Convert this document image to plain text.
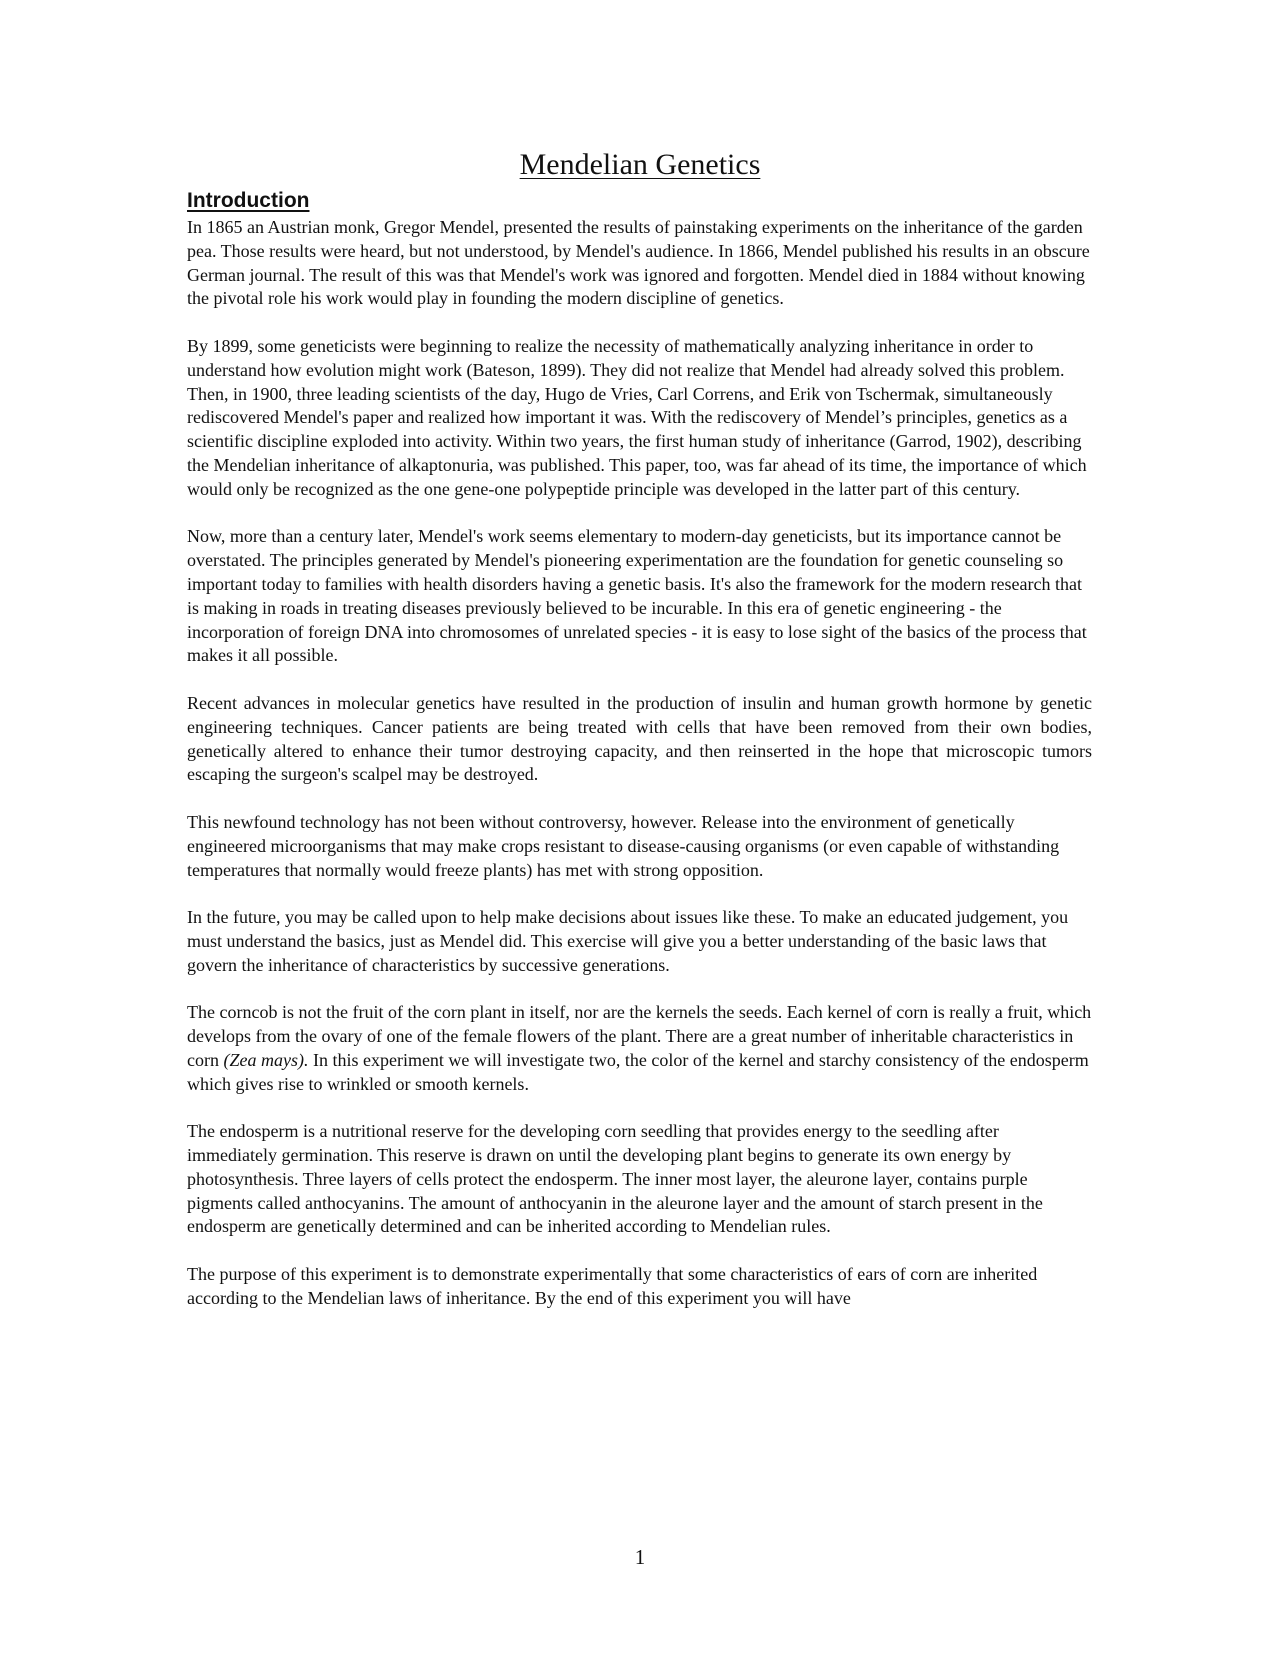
Mendelian Genetics
Introduction

In 1865 an Austrian monk, Gregor Mendel, presented the results of painstaking experiments on the inheritance of the garden pea. Those results were heard, but not understood, by Mendel's audience. In 1866, Mendel published his results in an obscure German journal. The result of this was that Mendel's work was ignored and forgotten. Mendel died in 1884 without knowing the pivotal role his work would play in founding the modern discipline of genetics.

By 1899, some geneticists were beginning to realize the necessity of mathematically analyzing inheritance in order to understand how evolution might work (Bateson, 1899). They did not realize that Mendel had already solved this problem. Then, in 1900, three leading scientists of the day, Hugo de Vries, Carl Correns, and Erik von Tschermak, simultaneously rediscovered Mendel's paper and realized how important it was. With the rediscovery of Mendel’s principles, genetics as a scientific discipline exploded into activity. Within two years, the first human study of inheritance (Garrod, 1902), describing the Mendelian inheritance of alkaptonuria, was published. This paper, too, was far ahead of its time, the importance of which would only be recognized as the one gene-one polypeptide principle was developed in the latter part of this century.

Now, more than a century later, Mendel's work seems elementary to modern-day geneticists, but its importance cannot be overstated. The principles generated by Mendel's pioneering experimentation are the foundation for genetic counseling so important today to families with health disorders having a genetic basis. It's also the framework for the modern research that is making in roads in treating diseases previously believed to be incurable. In this era of genetic engineering - the incorporation of foreign DNA into chromosomes of unrelated species - it is easy to lose sight of the basics of the process that makes it all possible.

Recent advances in molecular genetics have resulted in the production of insulin and human growth hormone by genetic engineering techniques. Cancer patients are being treated with cells that have been removed from their own bodies, genetically altered to enhance their tumor destroying capacity, and then reinserted in the hope that microscopic tumors escaping the surgeon's scalpel may be destroyed.

This newfound technology has not been without controversy, however. Release into the environment of genetically engineered microorganisms that may make crops resistant to disease-causing organisms (or even capable of withstanding temperatures that normally would freeze plants) has met with strong opposition.

In the future, you may be called upon to help make decisions about issues like these. To make an educated judgement, you must understand the basics, just as Mendel did. This exercise will give you a better understanding of the basic laws that govern the inheritance of characteristics by successive generations.

The corncob is not the fruit of the corn plant in itself, nor are the kernels the seeds. Each kernel of corn is really a fruit, which develops from the ovary of one of the female flowers of the plant. There are a great number of inheritable characteristics in corn (Zea mays). In this experiment we will investigate two, the color of the kernel and starchy consistency of the endosperm which gives rise to wrinkled or smooth kernels.

The endosperm is a nutritional reserve for the developing corn seedling that provides energy to the seedling after immediately germination. This reserve is drawn on until the developing plant begins to generate its own energy by photosynthesis. Three layers of cells protect the endosperm. The inner most layer, the aleurone layer, contains purple pigments called anthocyanins. The amount of anthocyanin in the aleurone layer and the amount of starch present in the endosperm are genetically determined and can be inherited according to Mendelian rules.

The purpose of this experiment is to demonstrate experimentally that some characteristics of ears of corn are inherited according to the Mendelian laws of inheritance. By the end of this experiment you will have

1
